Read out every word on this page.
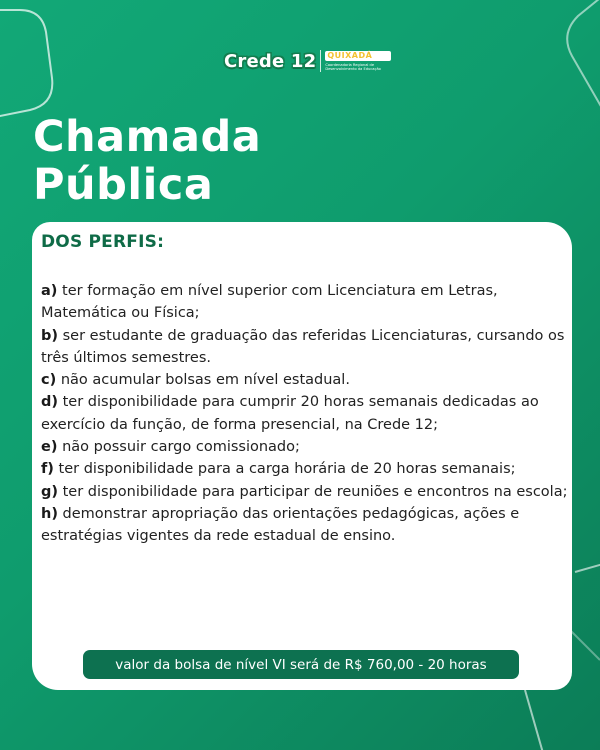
Crede 12 QUIXADÁ
Coordenadoria Regional de Desenvolvimento da Educação
Chamada
Pública
DOS PERFIS:
a) ter formação em nível superior com Licenciatura em Letras, Matemática ou Física;
b) ser estudante de graduação das referidas Licenciaturas, cursando os três últimos semestres.
c) não acumular bolsas em nível estadual.
d) ter disponibilidade para cumprir 20 horas semanais dedicadas ao exercício da função, de forma presencial, na Crede 12;
e) não possuir cargo comissionado;
f) ter disponibilidade para a carga horária de 20 horas semanais;
g) ter disponibilidade para participar de reuniões e encontros na escola;
h) demonstrar apropriação das orientações pedagógicas, ações e estratégias vigentes da rede estadual de ensino.
valor da bolsa de nível VI será de R$ 760,00 - 20 horas
